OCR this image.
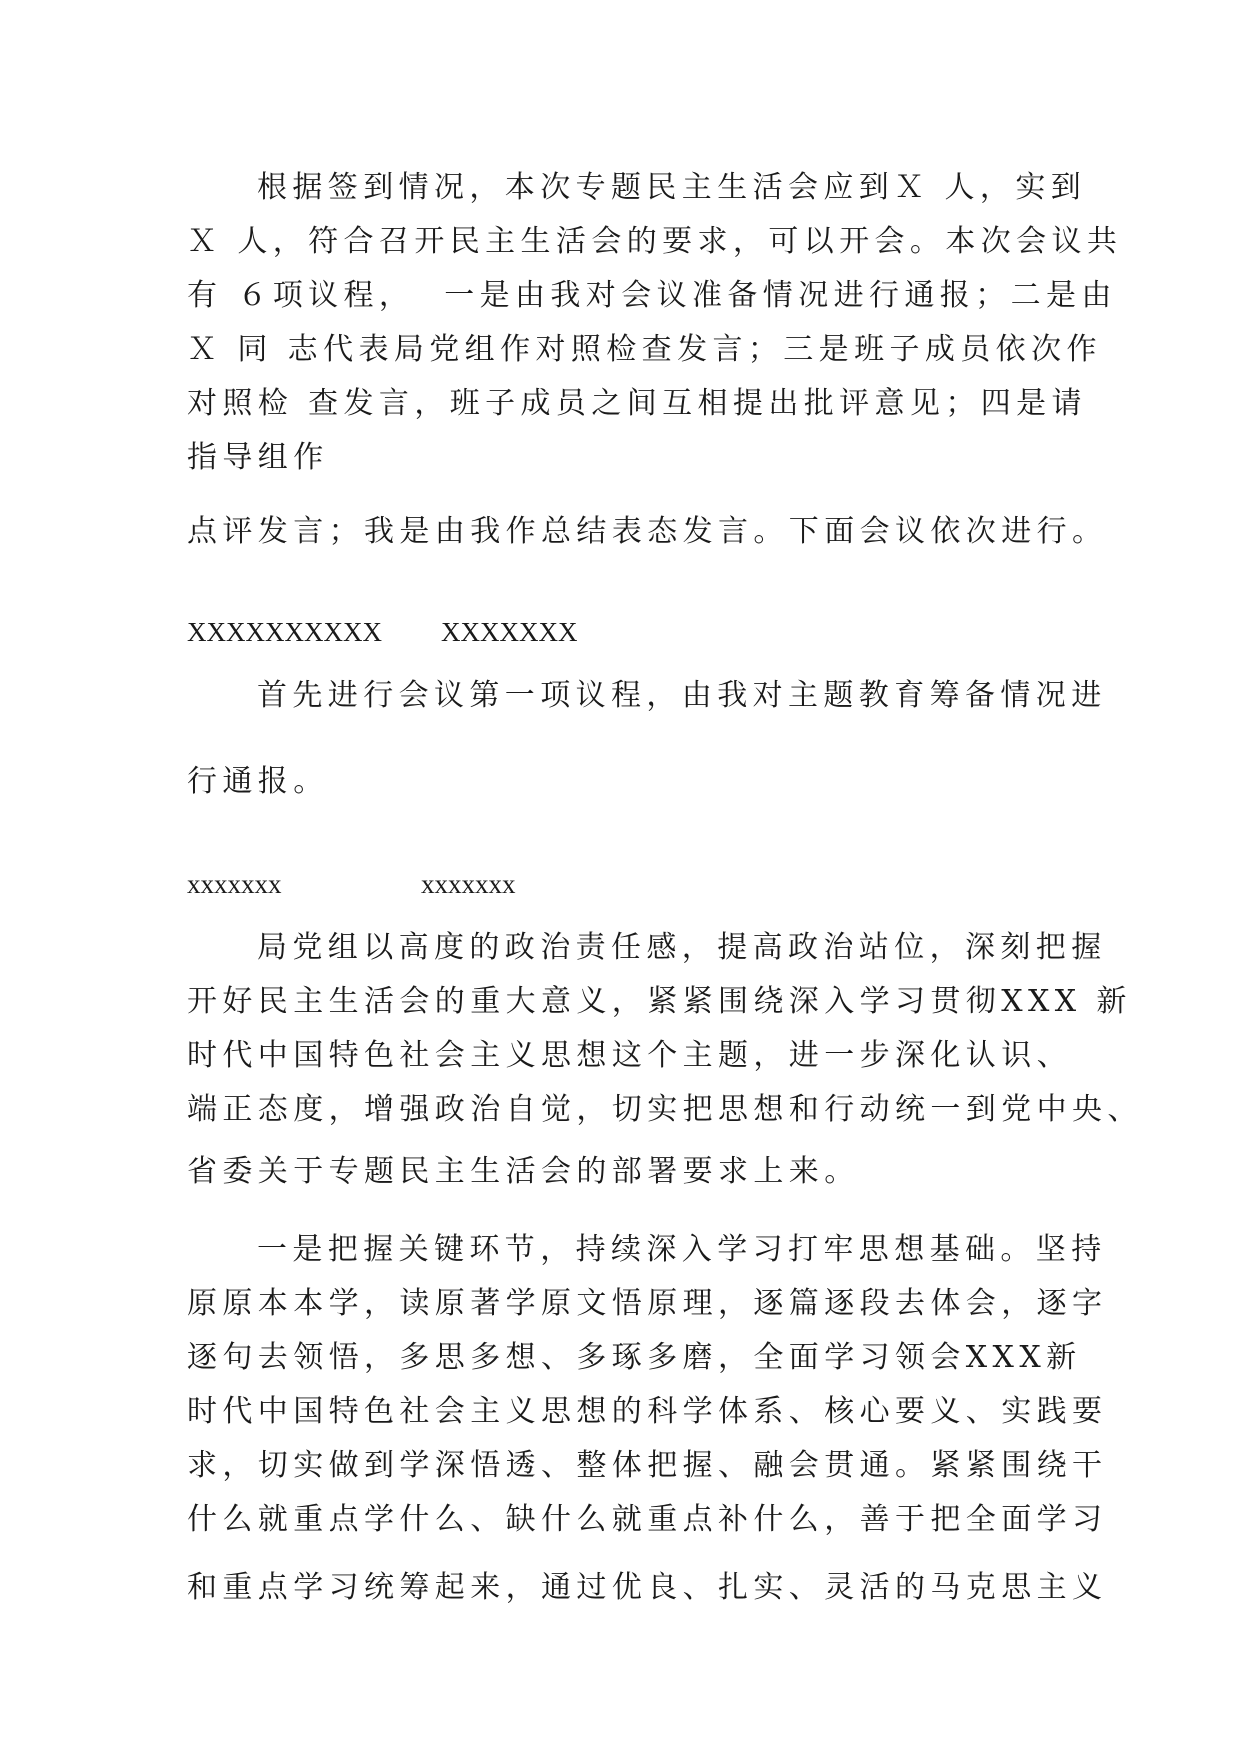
根据签到情况，本次专题民主生活会应到Ｘ 人，实到
Ｘ 人，符合召开民主生活会的要求，可以开会。本次会议共
有 ６项议程，  一是由我对会议准备情况进行通报；二是由
Ｘ 同 志代表局党组作对照检查发言；三是班子成员依次作
对照检 查发言，班子成员之间互相提出批评意见；四是请
指导组作
点评发言；我是由我作总结表态发言。下面会议依次进行。
XXXXXXXXXX XXXXXXX
首先进行会议第一项议程，由我对主题教育筹备情况进
行通报。
xxxxxxx	xxxxxxx
局党组以高度的政治责任感，提高政治站位，深刻把握
开好民主生活会的重大意义，紧紧围绕深入学习贯彻XXX 新
时代中国特色社会主义思想这个主题，进一步深化认识、
端正态度，增强政治自觉，切实把思想和行动统一到党中央、
省委关于专题民主生活会的部署要求上来。
一是把握关键环节，持续深入学习打牢思想基础。坚持
原原本本学，读原著学原文悟原理，逐篇逐段去体会，逐字
逐句去领悟，多思多想、多琢多磨，全面学习领会XXX新
时代中国特色社会主义思想的科学体系、核心要义、实践要
求，切实做到学深悟透、整体把握、融会贯通。紧紧围绕干
什么就重点学什么、缺什么就重点补什么，善于把全面学习
和重点学习统筹起来，通过优良、扎实、灵活的马克思主义
